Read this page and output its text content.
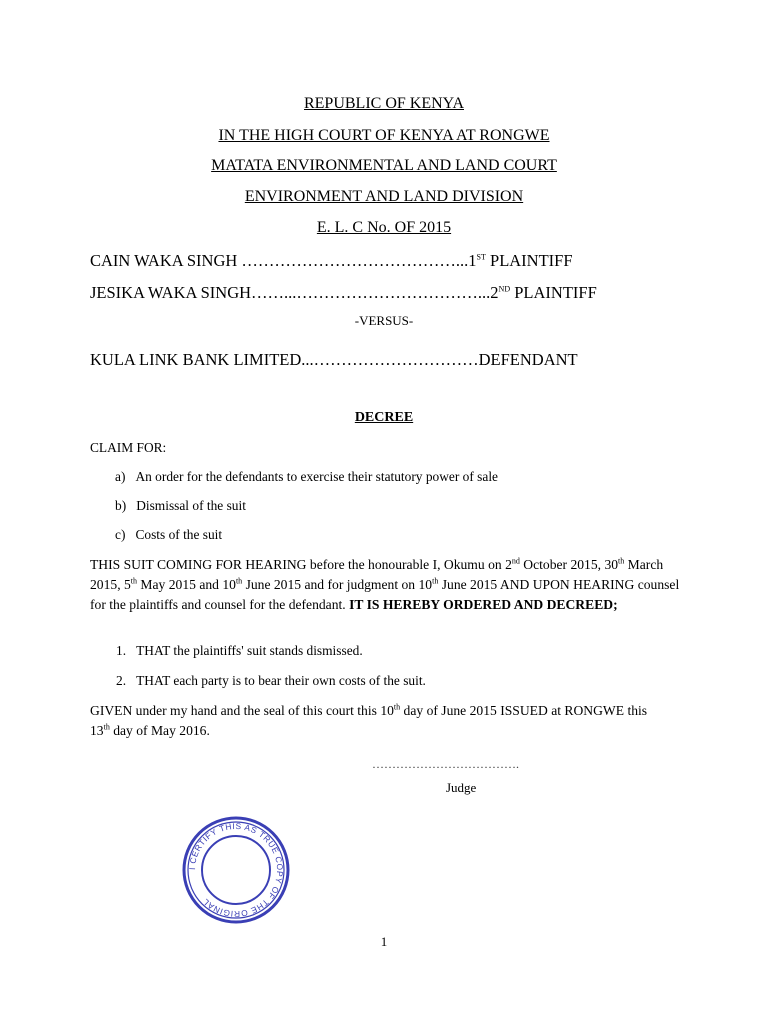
REPUBLIC OF KENYA
IN THE HIGH COURT OF KENYA AT RONGWE
MATATA ENVIRONMENTAL AND LAND COURT
ENVIRONMENT AND LAND DIVISION
E. L. C No. OF 2015
CAIN WAKA SINGH …………………………………...1ST PLAINTIFF
JESIKA WAKA SINGH……...……………………………...2ND PLAINTIFF
-VERSUS-
KULA LINK BANK LIMITED...…………………………DEFENDANT
DECREE
CLAIM FOR:
a) An order for the defendants to exercise their statutory power of sale
b) Dismissal of the suit
c) Costs of the suit
THIS SUIT COMING FOR HEARING before the honourable I, Okumu on 2nd October 2015, 30th March 2015, 5th May 2015 and 10th June 2015 and for judgment on 10th June 2015 AND UPON HEARING counsel for the plaintiffs and counsel for the defendant. IT IS HEREBY ORDERED AND DECREED;
1. THAT the plaintiffs' suit stands dismissed.
2. THAT each party is to bear their own costs of the suit.
GIVEN under my hand and the seal of this court this 10th day of June 2015 ISSUED at RONGWE this 13th day of May 2016.
……………………………….
Judge
I CERTIFY THIS AS TRUE COPY OF THE ORIGINAL
1
